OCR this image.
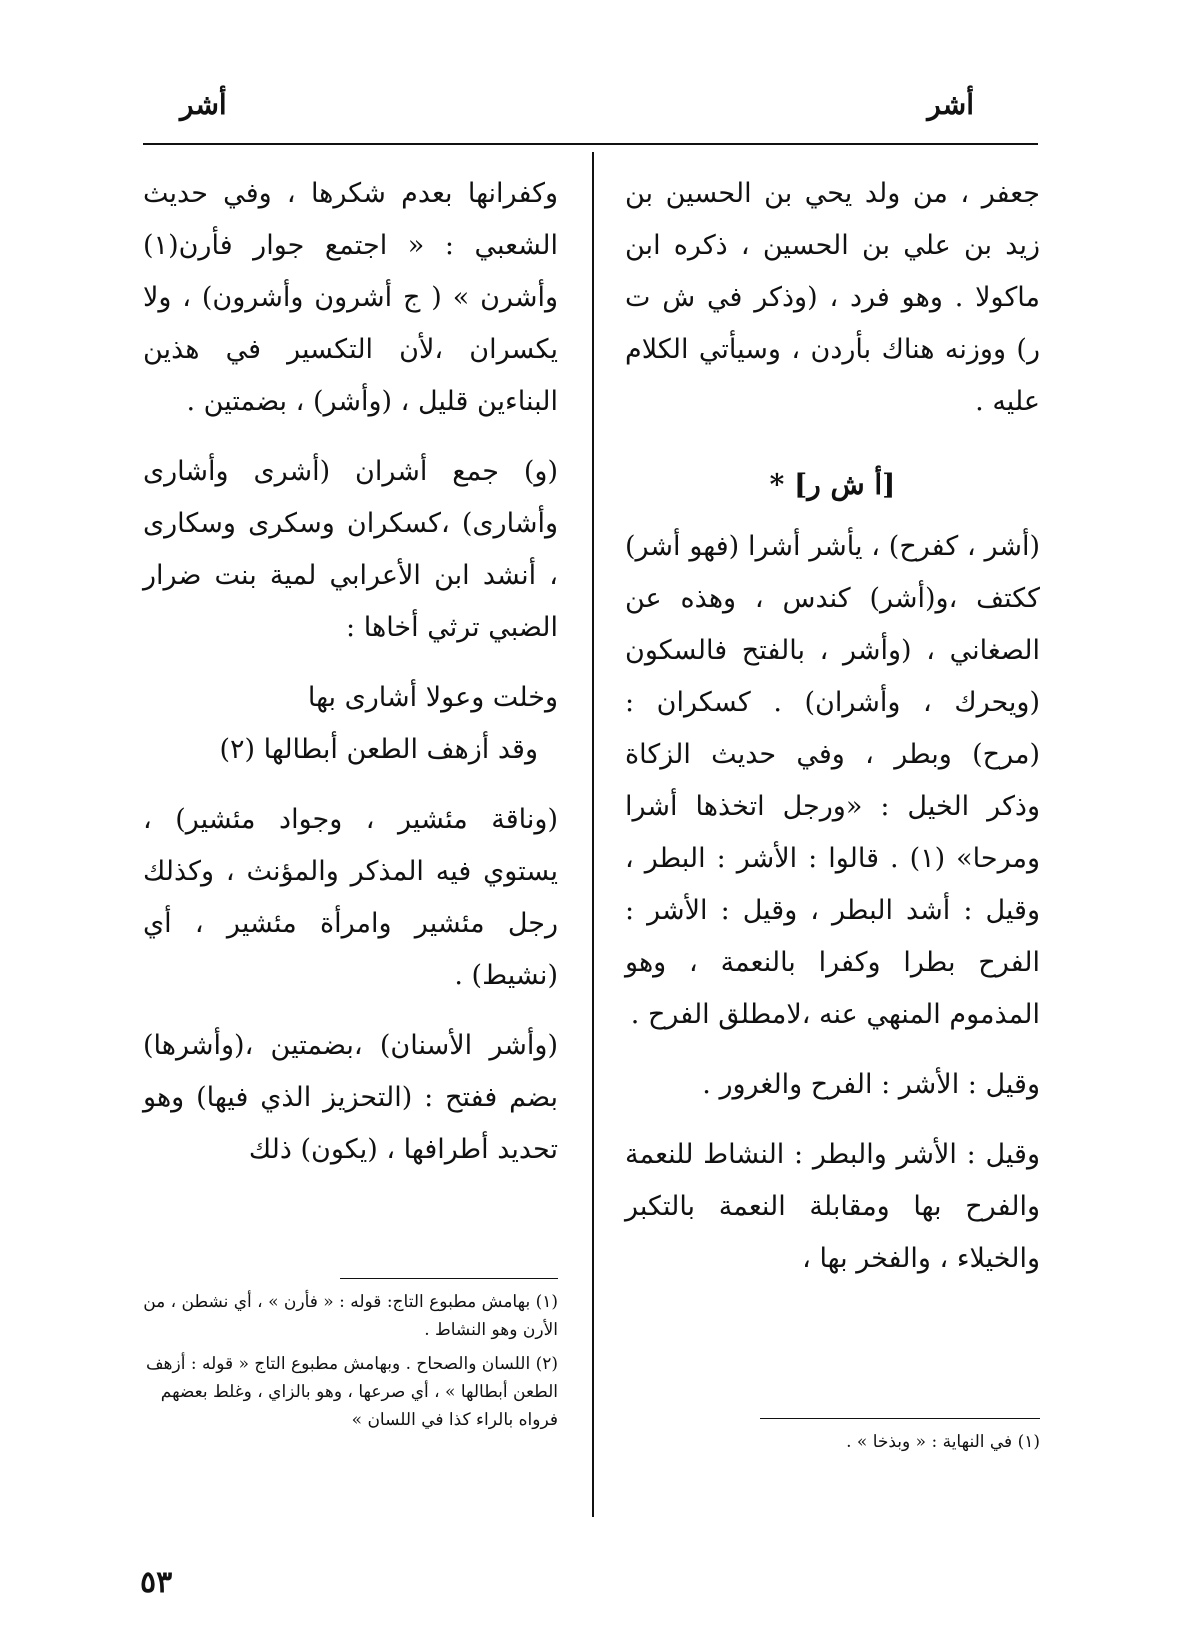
أشر
أشر

جعفر ، من ولد يحي بن الحسين بن زيد بن علي بن الحسين ، ذكره ابن ماكولا . وهو فرد ، (وذكر في ش ت ر) ووزنه هناك بأردن ، وسيأتي الكلام عليه .

[أ ش ر] *

(أشر ، كفرح) ، يأشر أشرا (فهو أشر) ككتف ،و(أشر) كندس ، وهذه عن الصغاني ، (وأشر ، بالفتح فالسكون (ويحرك ، وأشران) . كسكران : (مرح) وبطر ، وفي حديث الزكاة وذكر الخيل : «ورجل اتخذها أشرا ومرحا» (١) . قالوا : الأشر : البطر ، وقيل : أشد البطر ، وقيل : الأشر : الفرح بطرا وكفرا بالنعمة ، وهو المذموم المنهي عنه ،لامطلق الفرح .

وقيل : الأشر : الفرح والغرور .

وقيل : الأشر والبطر : النشاط للنعمة والفرح بها ومقابلة النعمة بالتكبر والخيلاء ، والفخر بها ،

وكفرانها بعدم شكرها ، وفي حديث الشعبي : « اجتمع جوار فأرن(١) وأشرن » ( ج أشرون وأشرون) ، ولا يكسران ،لأن التكسير في هذين البناءين قليل ، (وأشر) ، بضمتين .

(و) جمع أشران (أشرى وأشارى وأشارى) ،كسكران وسكرى وسكارى ، أنشد ابن الأعرابي لمية بنت ضرار الضبي ترثي أخاها :

وخلت وعولا أشارى بها
وقد أزهف الطعن أبطالها (٢)

(وناقة مئشير ، وجواد مئشير) ، يستوي فيه المذكر والمؤنث ، وكذلك رجل مئشير وامرأة مئشير ، أي (نشيط) .

(وأشر الأسنان) ،بضمتين ،(وأشرها) بضم ففتح : (التحزيز الذي فيها) وهو تحديد أطرافها ، (يكون) ذلك

(١) في النهاية : « وبذخا » .
(١) بهامش مطبوع التاج: قوله : « فأرن » ، أي نشطن ، من الأرن وهو النشاط .
(٢) اللسان والصحاح . وبهامش مطبوع التاج « قوله : أزهف الطعن أبطالها » ، أي صرعها ، وهو بالزاي ، وغلط بعضهم فرواه بالراء كذا في اللسان »
٥٣
